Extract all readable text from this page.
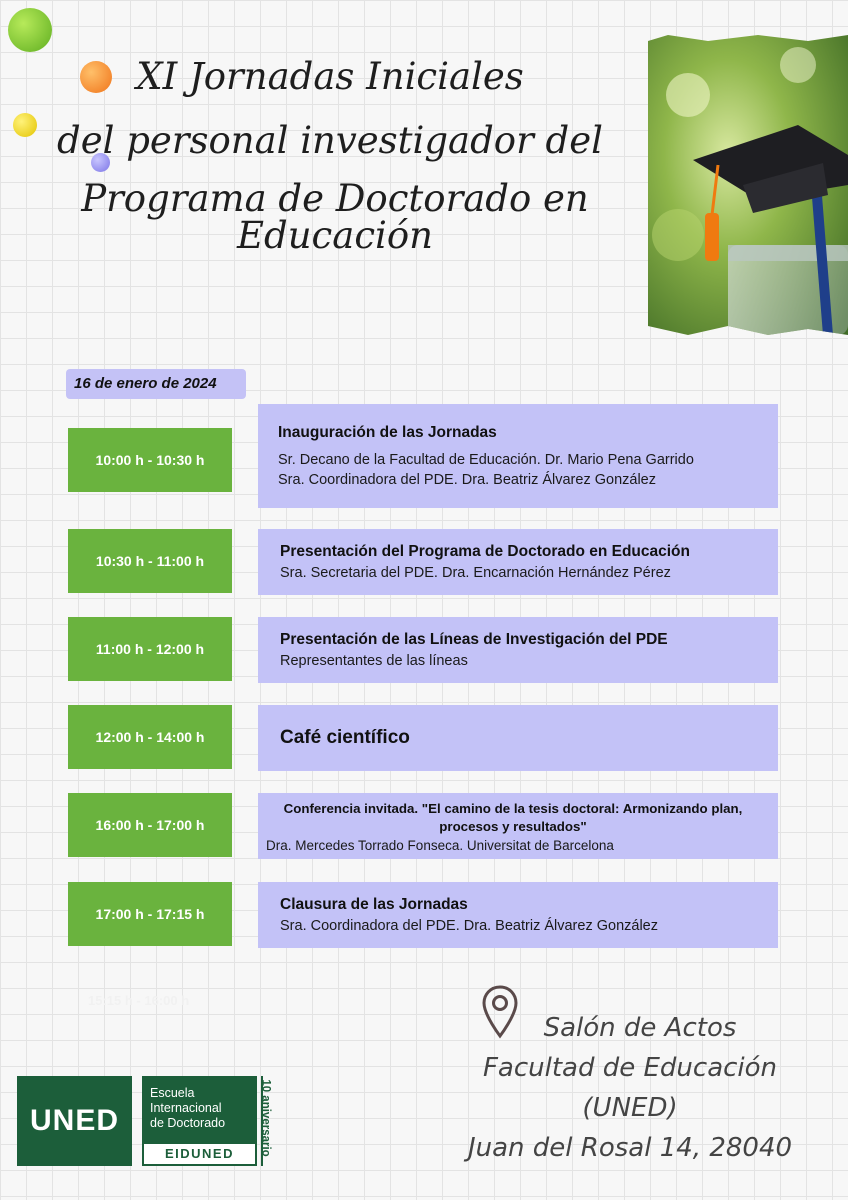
XI Jornadas Iniciales
del personal investigador del
Programa de Doctorado en Educación
16 de enero de 2024
10:00 h - 10:30 h
Inauguración de las Jornadas
Sr. Decano de la Facultad de Educación. Dr. Mario Pena Garrido
Sra. Coordinadora del PDE. Dra. Beatriz Álvarez González
10:30 h - 11:00 h
Presentación del Programa de Doctorado en Educación
Sra. Secretaria del PDE. Dra. Encarnación Hernández Pérez
11:00 h - 12:00 h
Presentación de las Líneas de Investigación del PDE
Representantes de las líneas
12:00 h - 14:00 h	Café científico
16:00 h - 17:00 h
Conferencia invitada. "El camino de la tesis doctoral: Armonizando plan, procesos y resultados"
Dra. Mercedes Torrado Fonseca. Universitat de Barcelona
17:00 h - 17:15 h
Clausura de las Jornadas
Sra. Coordinadora del PDE. Dra. Beatriz Álvarez González
15:15 h - 16:00 h
Salón de Actos
Facultad de Educación
(UNED)
Juan del Rosal 14, 28040
UNED
Escuela
Internacional
de Doctorado
EIDUNED	10 aniversario
